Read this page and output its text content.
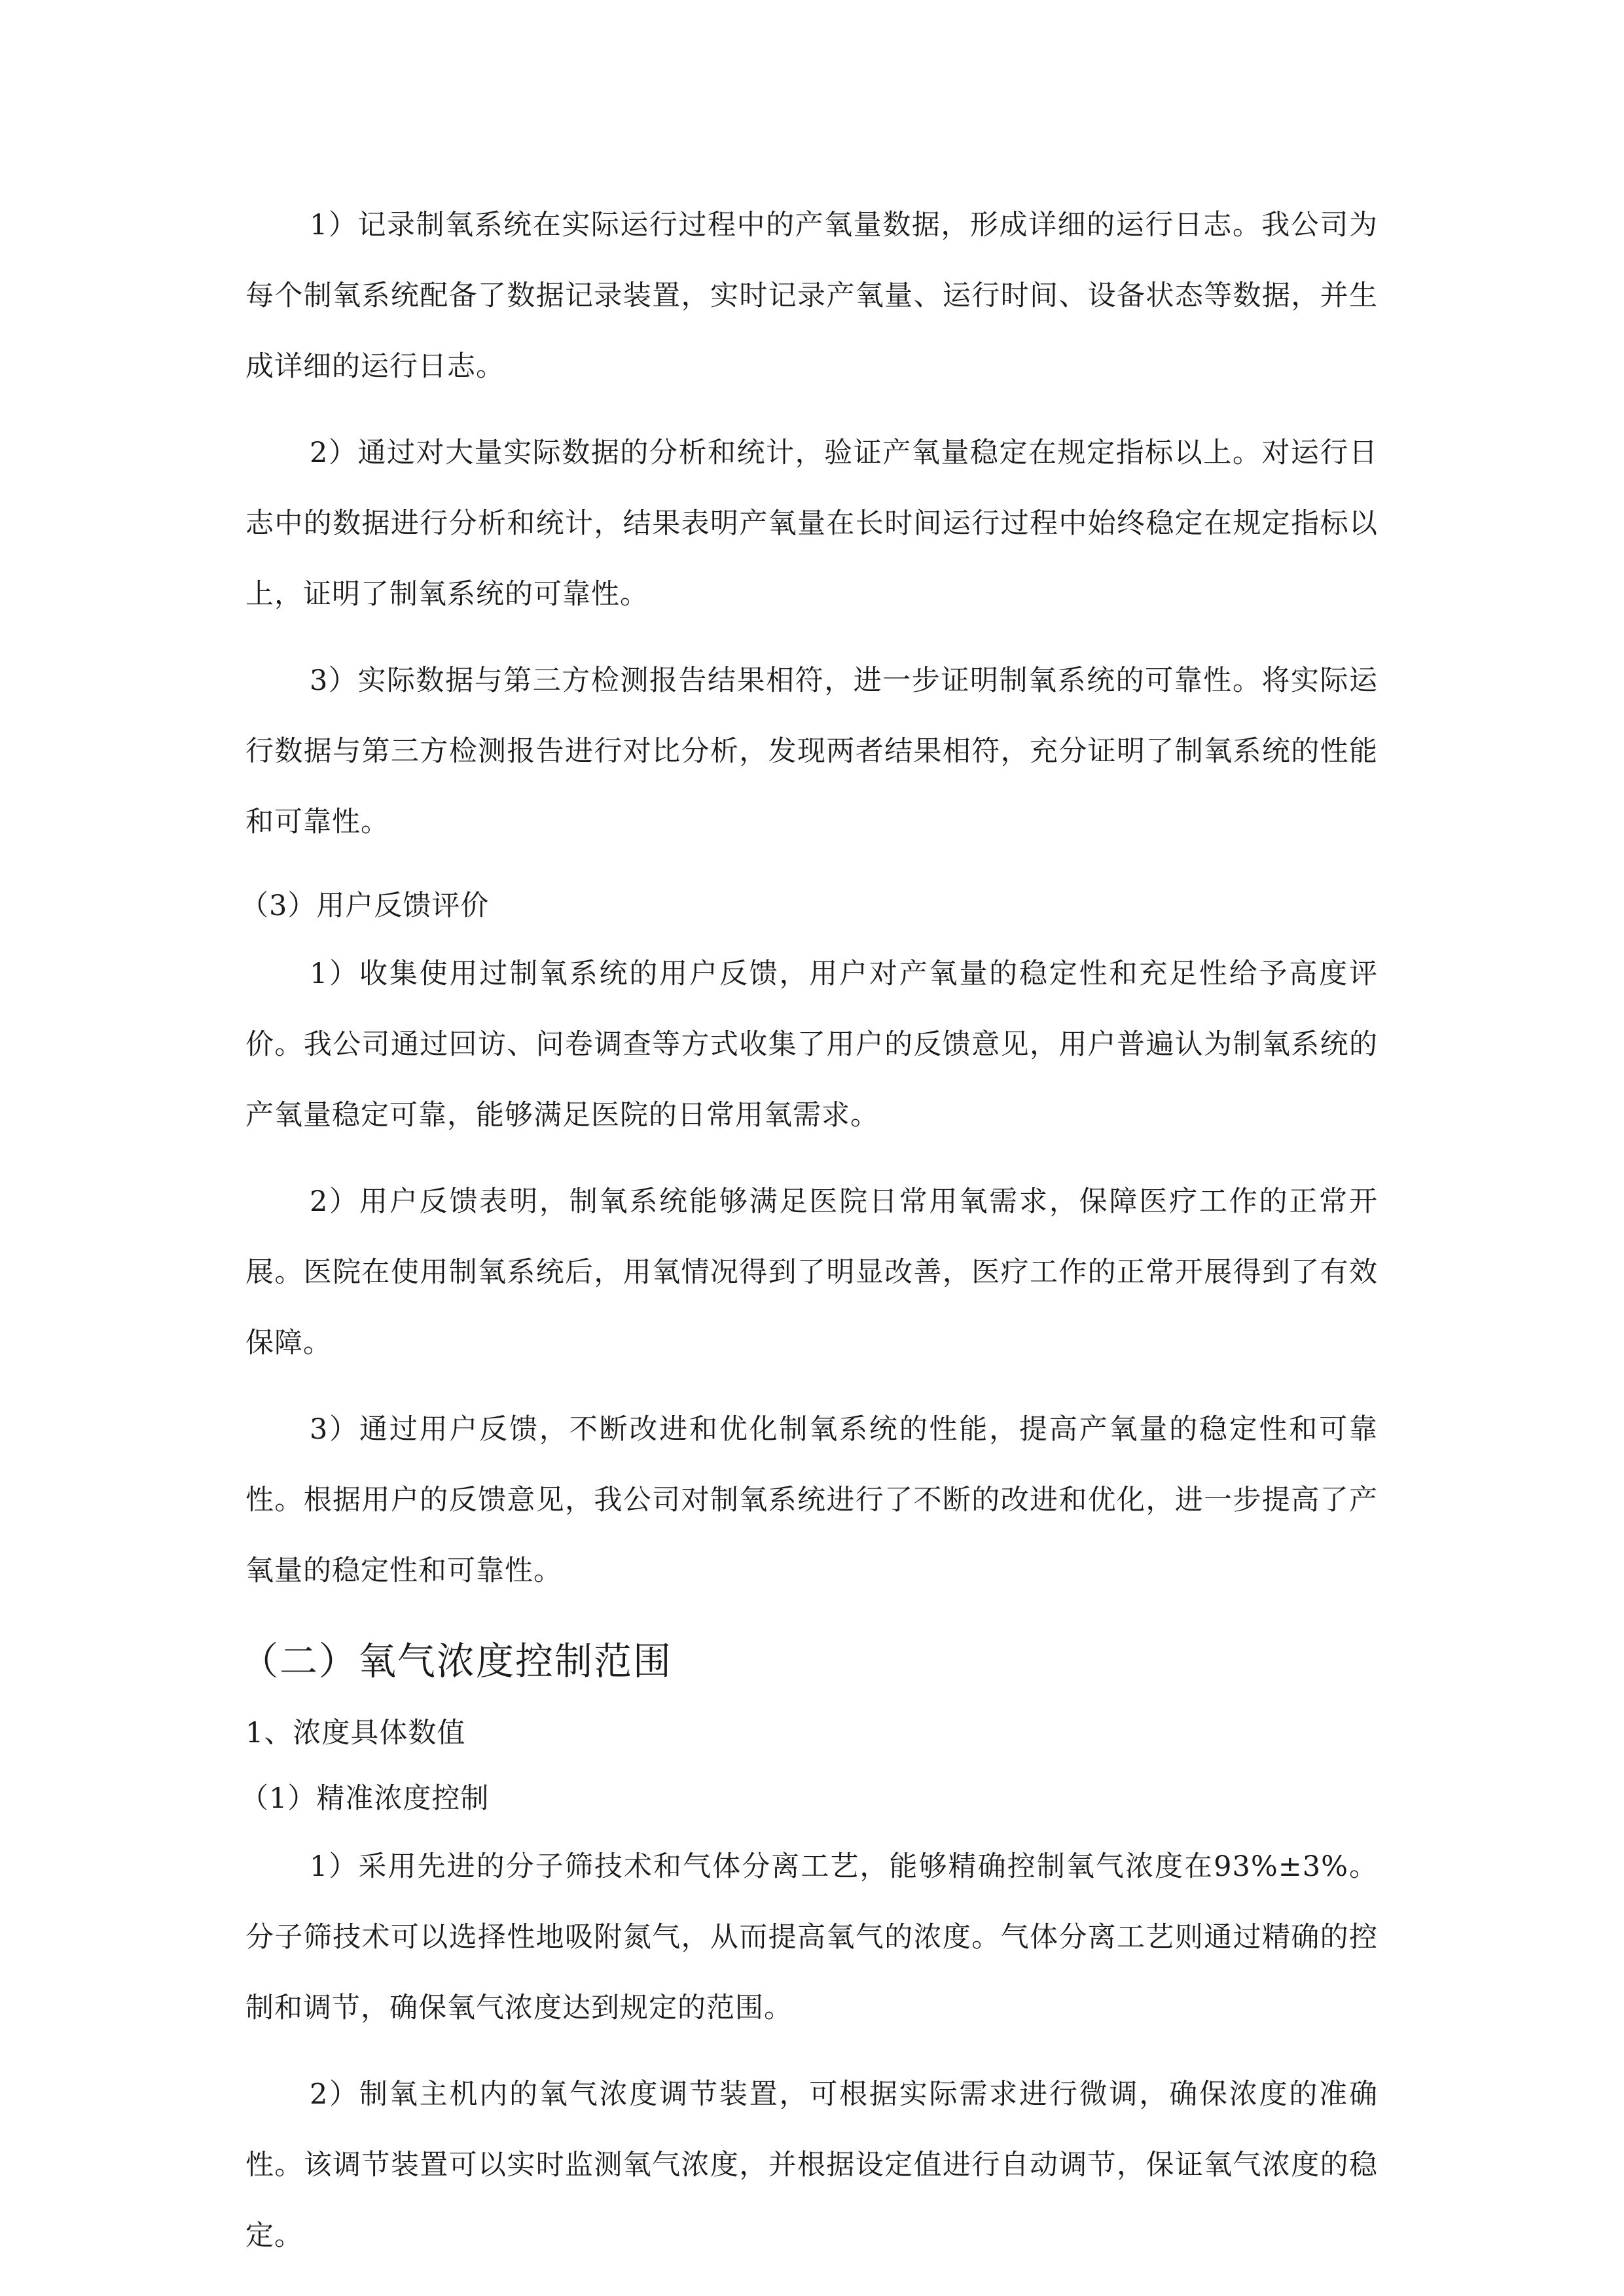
1）记录制氧系统在实际运行过程中的产氧量数据，形成详细的运行日志。我公司为每个制氧系统配备了数据记录装置，实时记录产氧量、运行时间、设备状态等数据，并生成详细的运行日志。

2）通过对大量实际数据的分析和统计，验证产氧量稳定在规定指标以上。对运行日志中的数据进行分析和统计，结果表明产氧量在长时间运行过程中始终稳定在规定指标以上，证明了制氧系统的可靠性。

3）实际数据与第三方检测报告结果相符，进一步证明制氧系统的可靠性。将实际运行数据与第三方检测报告进行对比分析，发现两者结果相符，充分证明了制氧系统的性能和可靠性。

（3）用户反馈评价

1）收集使用过制氧系统的用户反馈，用户对产氧量的稳定性和充足性给予高度评价。我公司通过回访、问卷调查等方式收集了用户的反馈意见，用户普遍认为制氧系统的产氧量稳定可靠，能够满足医院的日常用氧需求。

2）用户反馈表明，制氧系统能够满足医院日常用氧需求，保障医疗工作的正常开展。医院在使用制氧系统后，用氧情况得到了明显改善，医疗工作的正常开展得到了有效保障。

3）通过用户反馈，不断改进和优化制氧系统的性能，提高产氧量的稳定性和可靠性。根据用户的反馈意见，我公司对制氧系统进行了不断的改进和优化，进一步提高了产氧量的稳定性和可靠性。

（二）氧气浓度控制范围

1、浓度具体数值

（1）精准浓度控制

1）采用先进的分子筛技术和气体分离工艺，能够精确控制氧气浓度在93%±3%。分子筛技术可以选择性地吸附氮气，从而提高氧气的浓度。气体分离工艺则通过精确的控制和调节，确保氧气浓度达到规定的范围。

2）制氧主机内的氧气浓度调节装置，可根据实际需求进行微调，确保浓度的准确性。该调节装置可以实时监测氧气浓度，并根据设定值进行自动调节，保证氧气浓度的稳定。
